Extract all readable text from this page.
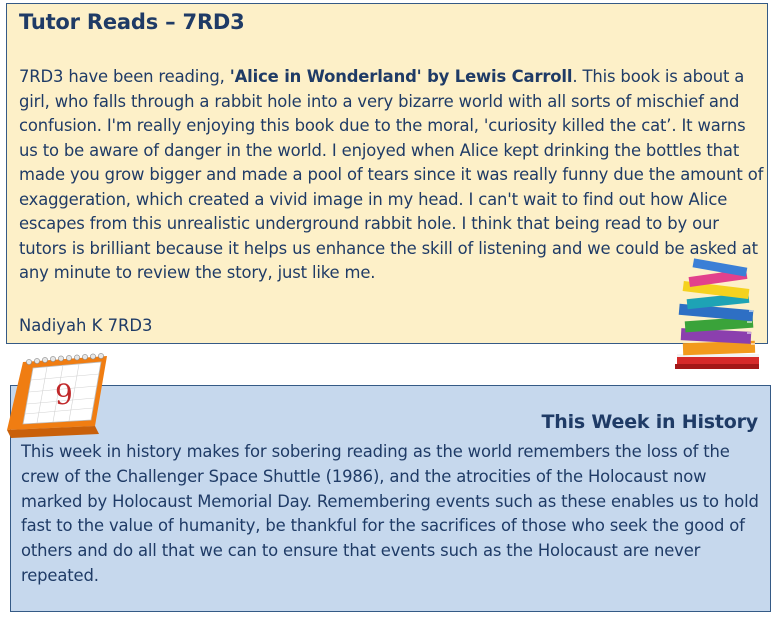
Tutor Reads – 7RD3

7RD3 have been reading, 'Alice in Wonderland' by Lewis Carroll. This book is about a girl, who falls through a rabbit hole into a very bizarre world with all sorts of mischief and confusion. I'm really enjoying this book due to the moral, 'curiosity killed the cat’. It warns us to be aware of danger in the world. I enjoyed when Alice kept drinking the bottles that made you grow bigger and made a pool of tears since it was really funny due the amount of exaggeration, which created a vivid image in my head. I can't wait to find out how Alice escapes from this unrealistic underground rabbit hole. I think that being read to by our tutors is brilliant because it helps us enhance the skill of listening and we could be asked at any minute to review the story, just like me.

Nadiyah K 7RD3

This Week in History

This week in history makes for sobering reading as the world remembers the loss of the crew of the Challenger Space Shuttle (1986), and the atrocities of the Holocaust now marked by Holocaust Memorial Day. Remembering events such as these enables us to hold fast to the value of humanity, be thankful for the sacrifices of those who seek the good of others and do all that we can to ensure that events such as the Holocaust are never repeated.

9
